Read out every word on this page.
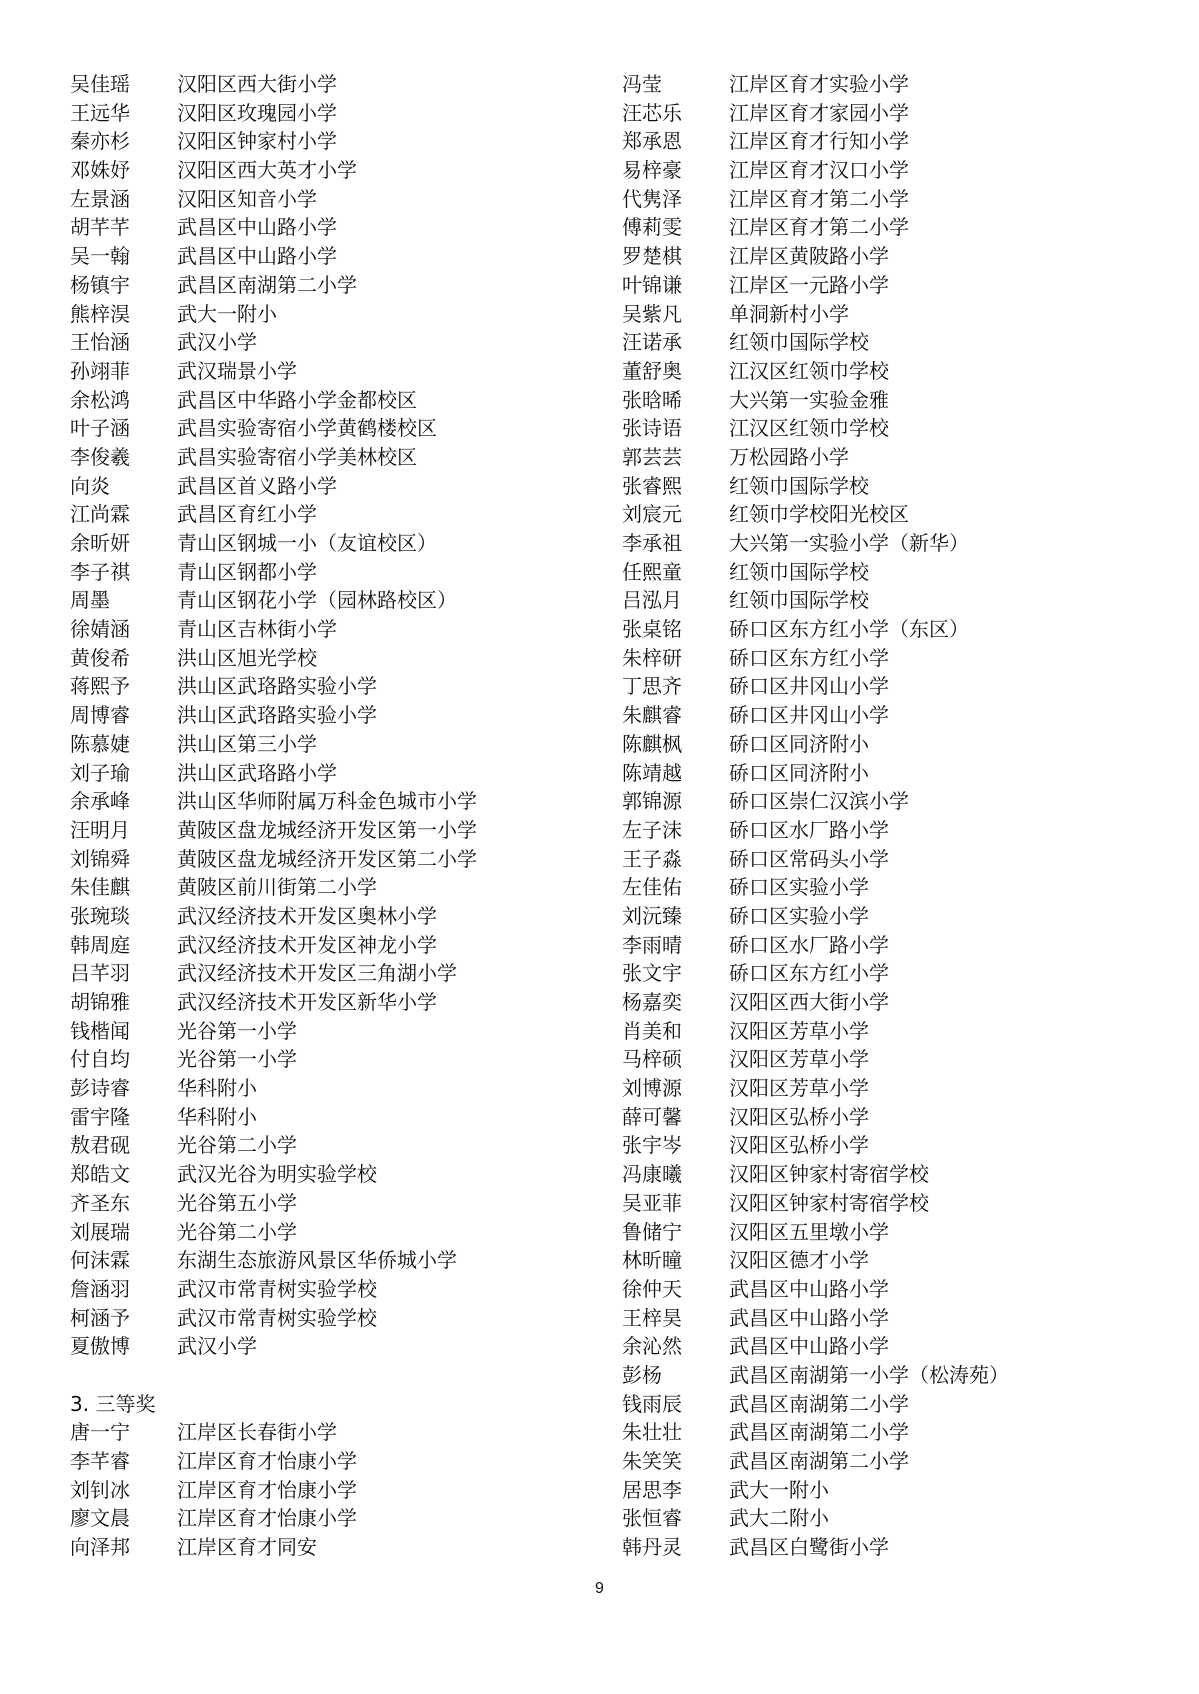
吴佳瑶	汉阳区西大街小学
王远华	汉阳区玫瑰园小学
秦亦杉	汉阳区钟家村小学
邓姝妤	汉阳区西大英才小学
左景涵	汉阳区知音小学
胡芊芊	武昌区中山路小学
吴一翰	武昌区中山路小学
杨镇宇	武昌区南湖第二小学
熊梓淏	武大一附小
王怡涵	武汉小学
孙翊菲	武汉瑞景小学
余松鸿	武昌区中华路小学金都校区
叶子涵	武昌实验寄宿小学黄鹤楼校区
李俊羲	武昌实验寄宿小学美林校区
向炎	武昌区首义路小学
江尚霖	武昌区育红小学
余昕妍	青山区钢城一小（友谊校区）
李子祺	青山区钢都小学
周墨	青山区钢花小学（园林路校区）
徐婧涵	青山区吉林街小学
黄俊希	洪山区旭光学校
蒋熙予	洪山区武珞路实验小学
周博睿	洪山区武珞路实验小学
陈慕婕	洪山区第三小学
刘子瑜	洪山区武珞路小学
余承峰	洪山区华师附属万科金色城市小学
汪明月	黄陂区盘龙城经济开发区第一小学
刘锦舜	黄陂区盘龙城经济开发区第二小学
朱佳麒	黄陂区前川街第二小学
张琬琰	武汉经济技术开发区奥林小学
韩周庭	武汉经济技术开发区神龙小学
吕芊羽	武汉经济技术开发区三角湖小学
胡锦雅	武汉经济技术开发区新华小学
钱楷闻	光谷第一小学
付自均	光谷第一小学
彭诗睿	华科附小
雷宇隆	华科附小
敖君砚	光谷第二小学
郑皓文	武汉光谷为明实验学校
齐圣东	光谷第五小学
刘展瑞	光谷第二小学
何沫霖	东湖生态旅游风景区华侨城小学
詹涵羽	武汉市常青树实验学校
柯涵予	武汉市常青树实验学校
夏傲博	武汉小学
3. 三等奖
唐一宁	江岸区长春街小学
李芊睿	江岸区育才怡康小学
刘钊冰	江岸区育才怡康小学
廖文晨	江岸区育才怡康小学
向泽邦	江岸区育才同安
冯莹	江岸区育才实验小学
汪芯乐	江岸区育才家园小学
郑承恩	江岸区育才行知小学
易梓豪	江岸区育才汉口小学
代隽泽	江岸区育才第二小学
傅莉雯	江岸区育才第二小学
罗楚棋	江岸区黄陂路小学
叶锦谦	江岸区一元路小学
吴紫凡	单洞新村小学
汪诺承	红领巾国际学校
董舒奥	江汉区红领巾学校
张晗晞	大兴第一实验金雅
张诗语	江汉区红领巾学校
郭芸芸	万松园路小学
张睿熙	红领巾国际学校
刘宸元	红领巾学校阳光校区
李承祖	大兴第一实验小学（新华）
任熙童	红领巾国际学校
吕泓月	红领巾国际学校
张桌铭	硚口区东方红小学（东区）
朱梓研	硚口区东方红小学
丁思齐	硚口区井冈山小学
朱麒睿	硚口区井冈山小学
陈麒枫	硚口区同济附小
陈靖越	硚口区同济附小
郭锦源	硚口区崇仁汉滨小学
左子沫	硚口区水厂路小学
王子淼	硚口区常码头小学
左佳佑	硚口区实验小学
刘沅臻	硚口区实验小学
李雨晴	硚口区水厂路小学
张文宇	硚口区东方红小学
杨嘉奕	汉阳区西大街小学
肖美和	汉阳区芳草小学
马梓硕	汉阳区芳草小学
刘博源	汉阳区芳草小学
薛可馨	汉阳区弘桥小学
张宇岑	汉阳区弘桥小学
冯康曦	汉阳区钟家村寄宿学校
吴亚菲	汉阳区钟家村寄宿学校
鲁储宁	汉阳区五里墩小学
林昕瞳	汉阳区德才小学
徐仲天	武昌区中山路小学
王梓昊	武昌区中山路小学
余沁然	武昌区中山路小学
彭杨	武昌区南湖第一小学（松涛苑）
钱雨辰	武昌区南湖第二小学
朱壮壮	武昌区南湖第二小学
朱笑笑	武昌区南湖第二小学
居思李	武大一附小
张恒睿	武大二附小
韩丹灵	武昌区白鹭街小学
9
